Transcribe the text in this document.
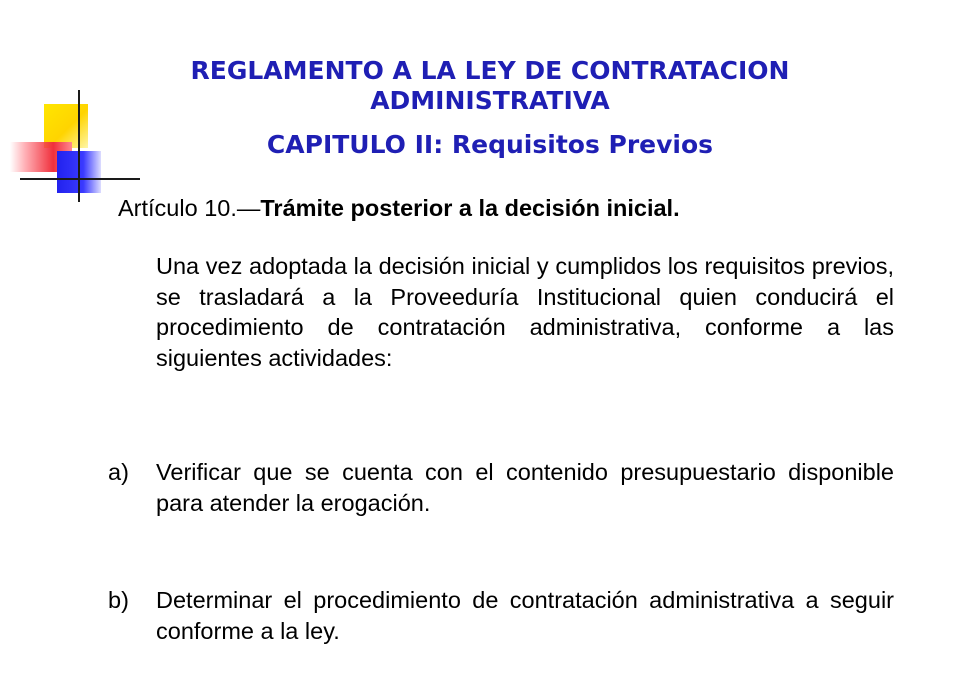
REGLAMENTO A LA LEY DE CONTRATACION ADMINISTRATIVA
CAPITULO II: Requisitos Previos
Artículo 10.—Trámite posterior a la decisión inicial.
Una vez adoptada la decisión inicial y cumplidos los requisitos previos, se trasladará a la Proveeduría Institucional quien conducirá el procedimiento de contratación administrativa, conforme a las siguientes actividades:
a) Verificar que se cuenta con el contenido presupuestario disponible para atender la erogación.
b) Determinar el procedimiento de contratación administrativa a seguir conforme a la ley.
